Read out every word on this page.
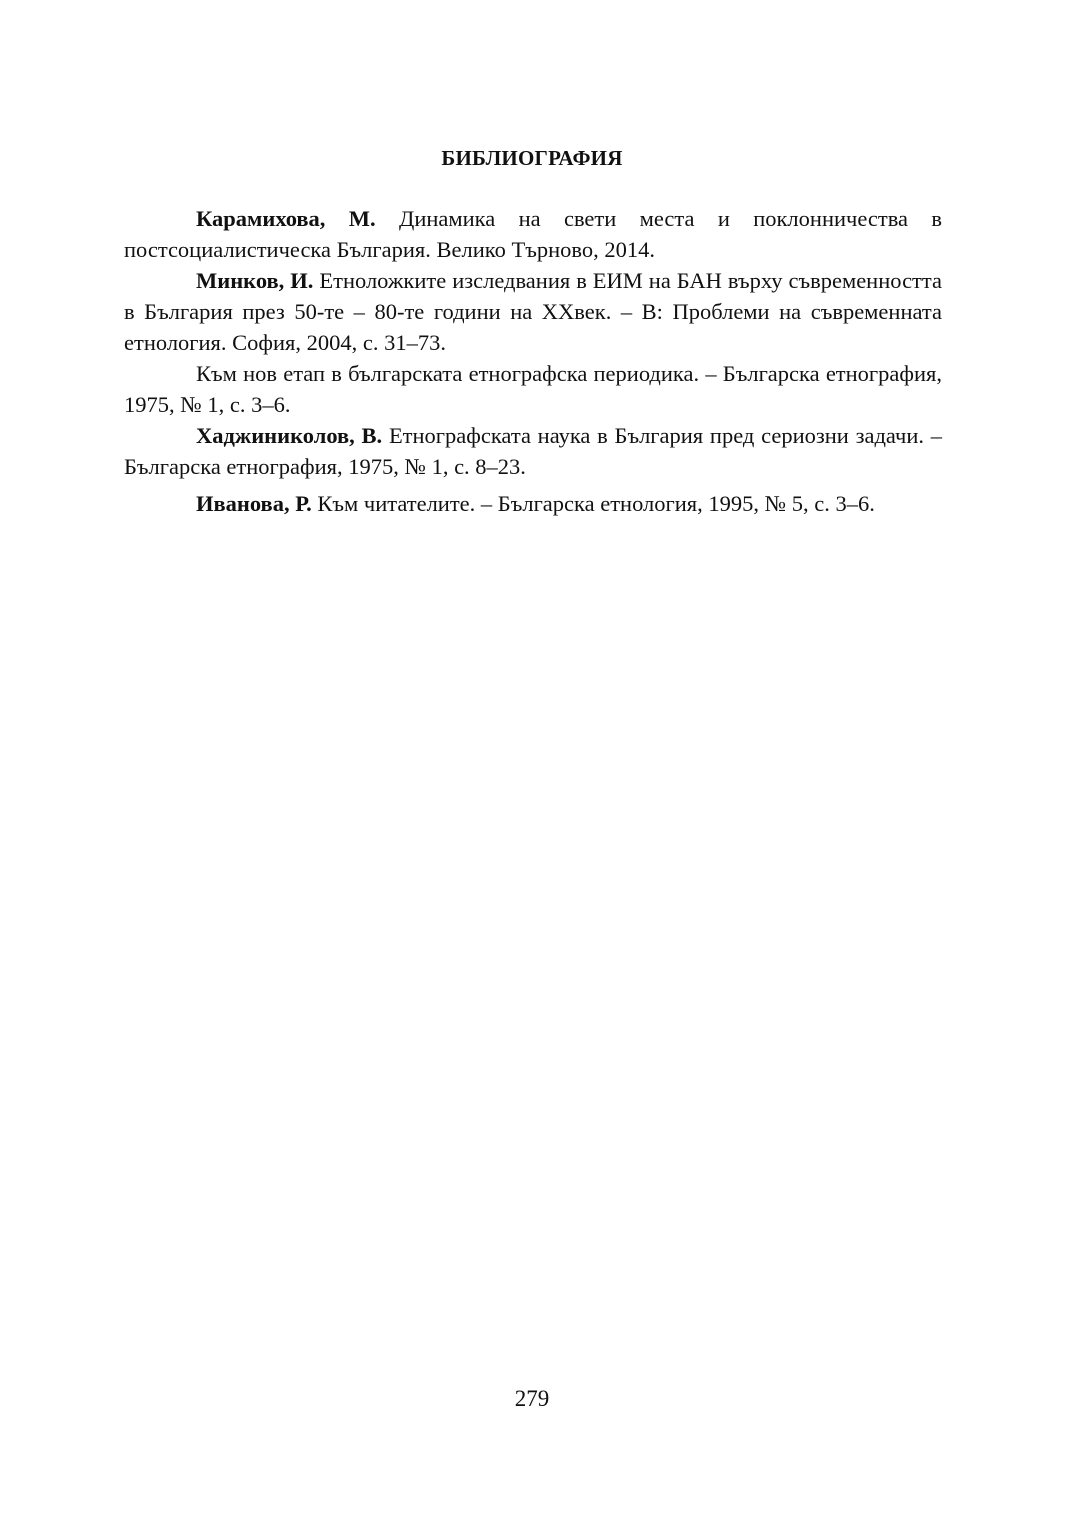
БИБЛИОГРАФИЯ

Карамихова, М. Динамика на свети места и поклонничества в постсоциалистическа България. Велико Търново, 2014.

Минков, И. Етноложките изследвания в ЕИМ на БАН върху съвременността в България през 50-те – 80-те години на XXвек. – В: Проблеми на съвременната етнология. София, 2004, с. 31–73.

Към нов етап в българската етнографска периодика. – Българска етнография, 1975, № 1, с. 3–6.

Хаджиниколов, В. Етнографската наука в България пред сериозни задачи. – Българска етнография, 1975, № 1, с. 8–23.

Иванова, Р. Към читателите. – Българска етнология, 1995, № 5, с. 3–6.

279
